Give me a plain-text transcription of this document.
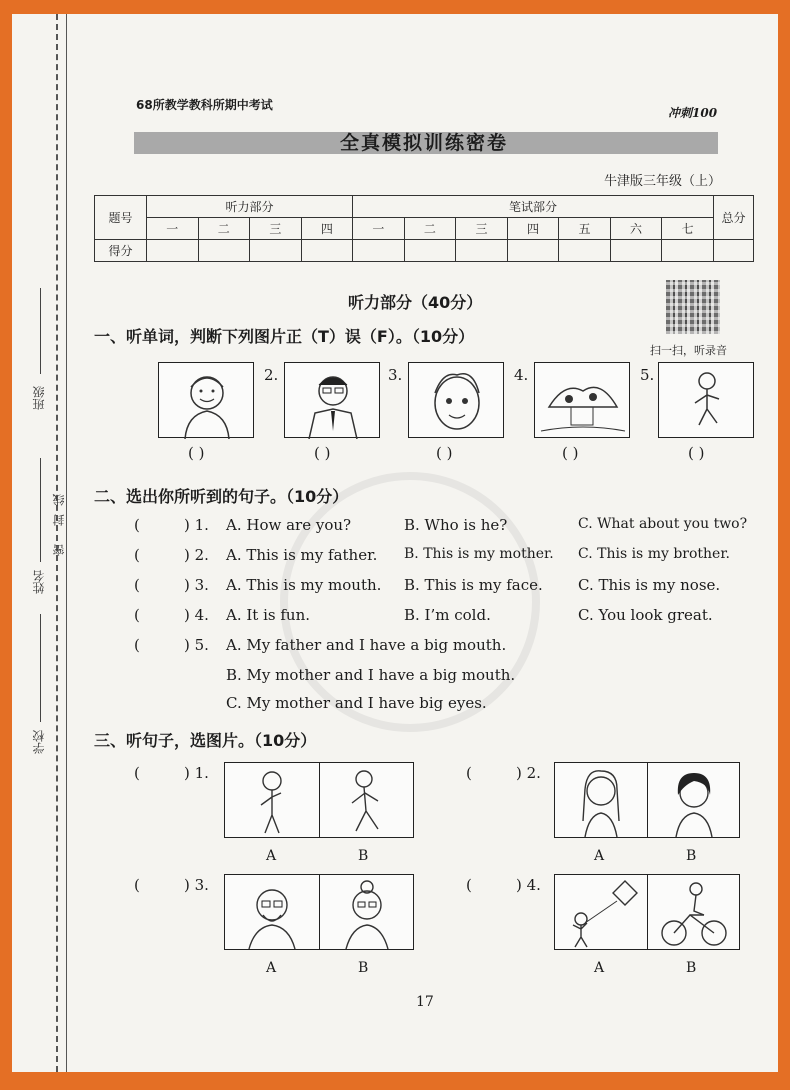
班级
姓名
学校
线
封
密
68所教学教科所期中考试
冲刺100
全真模拟训练密卷
牛津版三年级（上）
题号	听力部分				笔试部分							总分
	一	二	三	四	一	二	三	四	五	六	七	
得分												
听力部分（40分）
扫一扫，听录音
一、听单词，判断下列图片正（T）误（F）。（10分）
2.	3.	4.	5.
( )	( )	( )	( )	( )
二、选出你所听到的句子。（10分）
(	) 1. A. How are you?	B. Who is he?	C. What about you two?
(	) 2. A. This is my father. B. This is my mother. C. This is my brother.
(	) 3. A. This is my mouth. B. This is my face. C. This is my nose.
(	) 4. A. It is fun.	B. I’m cold.	C. You look great.
(	) 5. A. My father and I have a big mouth.
B. My mother and I have a big mouth.
C. My mother and I have big eyes.
三、听句子，选图片。（10分）
(	) 1.
A	B
(	) 2.
A	B
(	) 3.
A	B
(	) 4.
A	B
17
